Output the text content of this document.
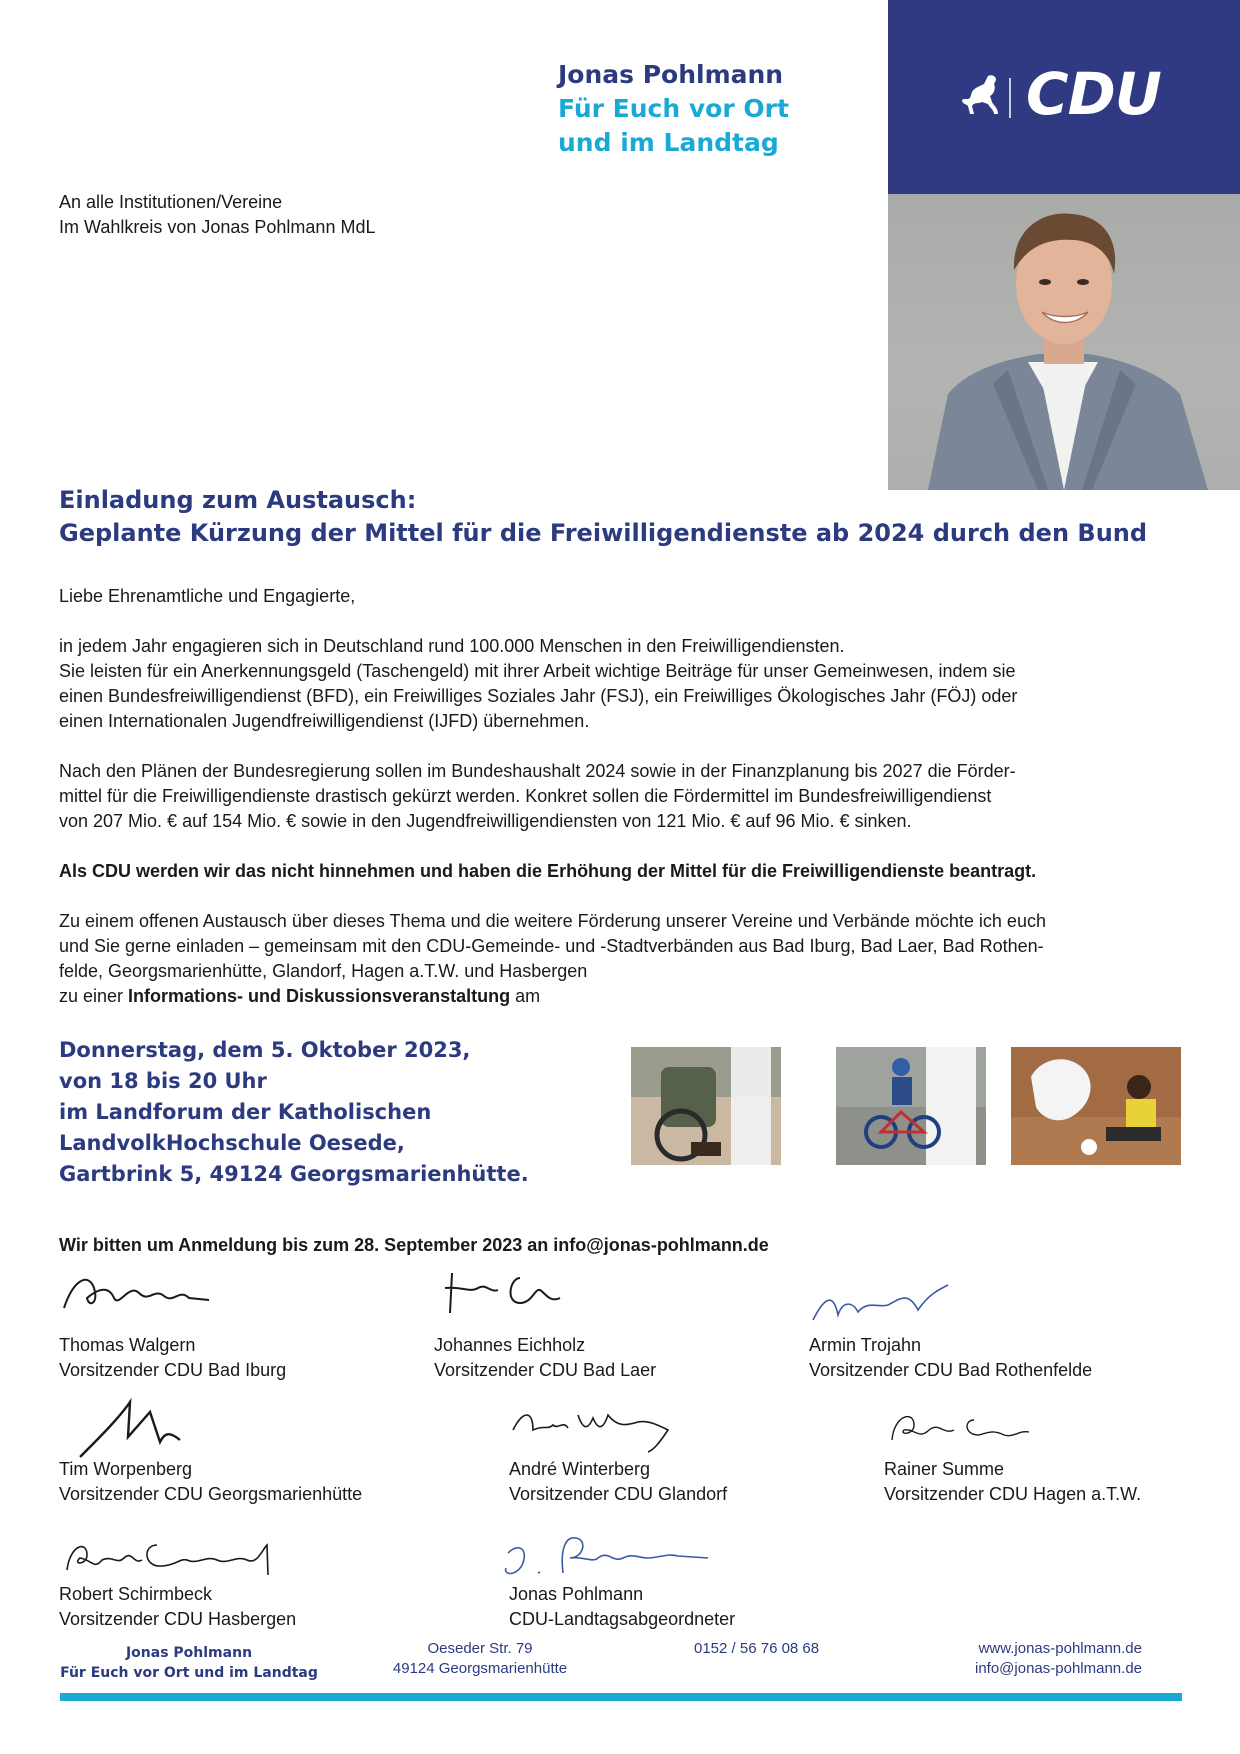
Jonas Pohlmann
Für Euch vor Ort
und im Landtag
CDU
An alle Institutionen/Vereine
Im Wahlkreis von Jonas Pohlmann MdL
Einladung zum Austausch:
Geplante Kürzung der Mittel für die Freiwilligendienste ab 2024 durch den Bund

Liebe Ehrenamtliche und Engagierte,

in jedem Jahr engagieren sich in Deutschland rund 100.000 Menschen in den Freiwilligendiensten.

Sie leisten für ein Anerkennungsgeld (Taschengeld) mit ihrer Arbeit wichtige Beiträge für unser Gemeinwesen, indem sie

einen Bundesfreiwilligendienst (BFD), ein Freiwilliges Soziales Jahr (FSJ), ein Freiwilliges Ökologisches Jahr (FÖJ) oder

einen Internationalen Jugendfreiwilligendienst (IJFD) übernehmen.

Nach den Plänen der Bundesregierung sollen im Bundeshaushalt 2024 sowie in der Finanzplanung bis 2027 die Förder-

mittel für die Freiwilligendienste drastisch gekürzt werden. Konkret sollen die Fördermittel im Bundesfreiwilligendienst

von 207 Mio. € auf 154 Mio. € sowie in den Jugendfreiwilligendiensten von 121 Mio. € auf 96 Mio. € sinken.

Als CDU werden wir das nicht hinnehmen und haben die Erhöhung der Mittel für die Freiwilligendienste beantragt.

Zu einem offenen Austausch über dieses Thema und die weitere Förderung unserer Vereine und Verbände möchte ich euch

und Sie gerne einladen – gemeinsam mit den CDU-Gemeinde- und -Stadtverbänden aus Bad Iburg, Bad Laer, Bad Rothen-

felde, Georgsmarienhütte, Glandorf, Hagen a.T.W. und Hasbergen

zu einer Informations- und Diskussionsveranstaltung am

Donnerstag, dem 5. Oktober 2023,
von 18 bis 20 Uhr
im Landforum der Katholischen
LandvolkHochschule Oesede,
Gartbrink 5, 49124 Georgsmarienhütte.
Wir bitten um Anmeldung bis zum 28. September 2023 an info@jonas-pohlmann.de
Thomas Walgern
Vorsitzender CDU Bad Iburg
Johannes Eichholz
Vorsitzender CDU Bad Laer
Armin Trojahn
Vorsitzender CDU Bad Rothenfelde
Tim Worpenberg
Vorsitzender CDU Georgsmarienhütte
André Winterberg
Vorsitzender CDU Glandorf
Rainer Summe
Vorsitzender CDU Hagen a.T.W.
Robert Schirmbeck
Vorsitzender CDU Hasbergen
Jonas Pohlmann
CDU-Landtagsabgeordneter
Jonas Pohlmann
Für Euch vor Ort und im Landtag
Oeseder Str. 79
49124 Georgsmarienhütte
0152 / 56 76 08 68	www.jonas-pohlmann.de
info@jonas-pohlmann.de
